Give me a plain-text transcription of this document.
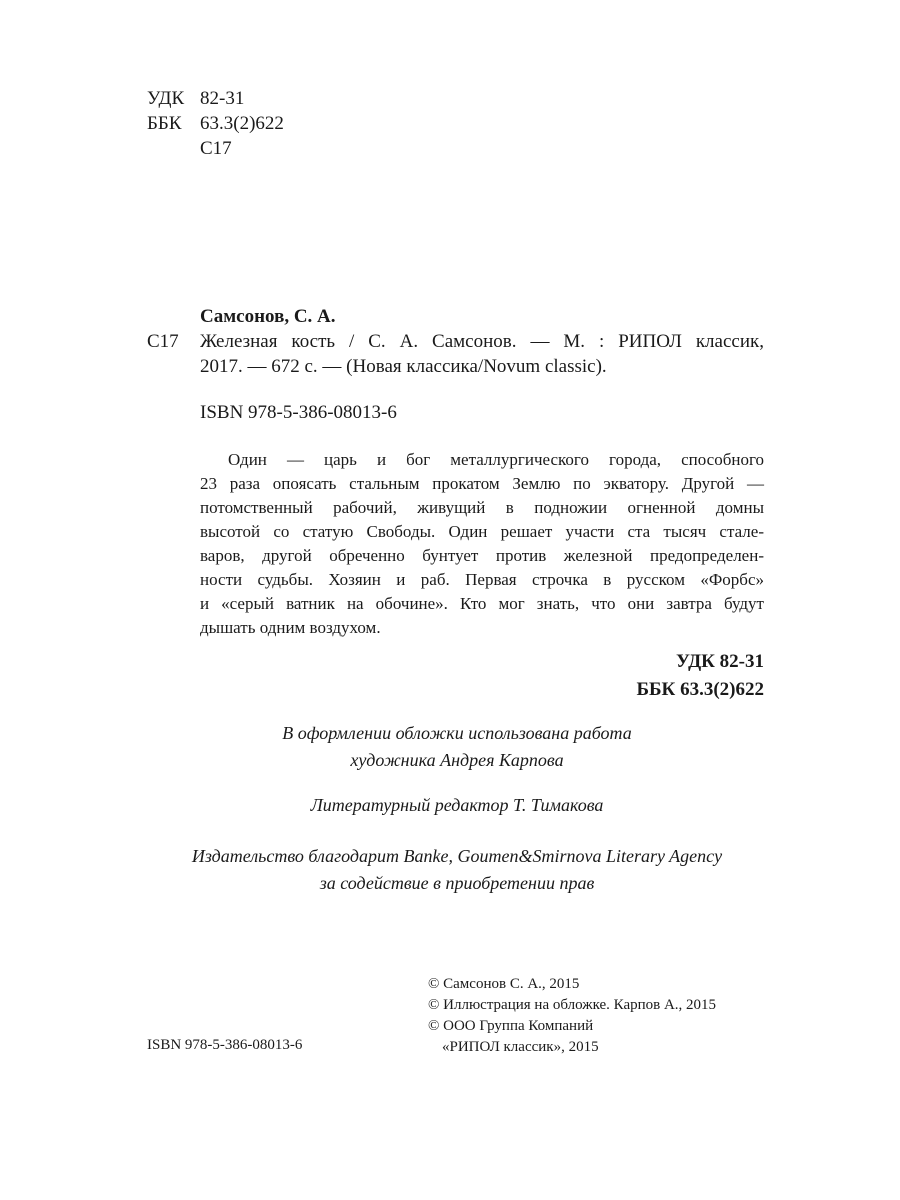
УДК 82-31
ББК 63.3(2)622
С17
Самсонов, С. А.
С17 Железная кость / С. А. Самсонов. — М. : РИПОЛ классик,
2017. — 672 с. — (Новая классика/Novum classic).
ISBN 978-5-386-08013-6
Один — царь и бог металлургического города, способного
23 раза опоясать стальным прокатом Землю по экватору. Другой —
потомственный рабочий, живущий в подножии огненной домны
высотой со статую Свободы. Один решает участи ста тысяч стале-
варов, другой обреченно бунтует против железной предопределен-
ности судьбы. Хозяин и раб. Первая строчка в русском «Форбс»
и «серый ватник на обочине». Кто мог знать, что они завтра будут
дышать одним воздухом.
УДК 82-31
ББК 63.3(2)622
В оформлении обложки использована работа
художника Андрея Карпова
Литературный редактор Т. Тимакова
Издательство благодарит Banke, Goumen&Smirnova Literary Agency
за содействие в приобретении прав
© Самсонов С. А., 2015
© Иллюстрация на обложке. Карпов А., 2015
© ООО Группа Компаний
«РИПОЛ классик», 2015
ISBN 978-5-386-08013-6
